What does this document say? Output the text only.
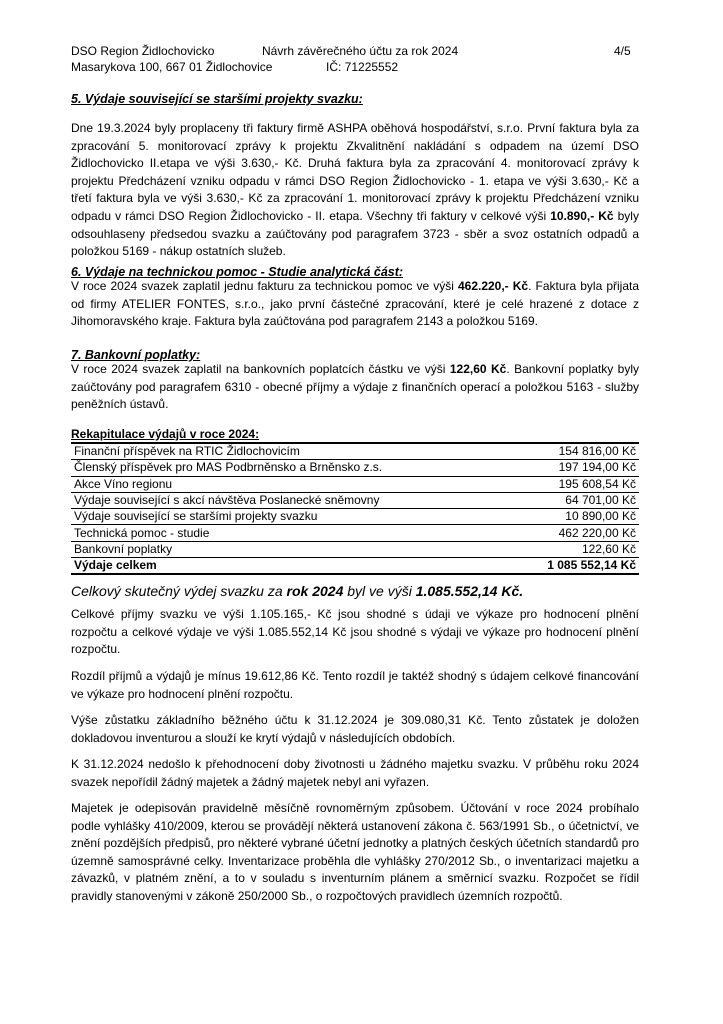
DSO Region Židlochovicko	Návrh závěrečného účtu za rok 2024	4/5
Masarykova 100, 667 01 Židlochovice	IČ: 71225552
5. Výdaje související se staršími projekty svazku:

Dne 19.3.2024 byly proplaceny tři faktury firmě ASHPA oběhová hospodářství, s.r.o. První faktura byla za zpracování 5. monitorovací zprávy k projektu Zkvalitnění nakládání s odpadem na území DSO Židlochovicko II.etapa ve výši 3.630,- Kč. Druhá faktura byla za zpracování 4. monitorovací zprávy k projektu Předcházení vzniku odpadu v rámci DSO Region Židlochovicko - 1. etapa ve výši 3.630,- Kč a třetí faktura byla ve výši 3.630,- Kč za zpracování 1. monitorovací zprávy k projektu Předcházení vzniku odpadu v rámci DSO Region Židlochovicko - II. etapa. Všechny tři faktury v celkové výši 10.890,- Kč byly odsouhlaseny předsedou svazku a zaúčtovány pod paragrafem 3723 - sběr a svoz ostatních odpadů a položkou 5169 - nákup ostatních služeb.

6. Výdaje na technickou pomoc - Studie analytická část:

V roce 2024 svazek zaplatil jednu fakturu za technickou pomoc ve výši 462.220,- Kč. Faktura byla přijata od firmy ATELIER FONTES, s.r.o., jako první částečné zpracování, které je celé hrazené z dotace z Jihomoravského kraje. Faktura byla zaúčtována pod paragrafem 2143 a položkou 5169.

7. Bankovní poplatky:

V roce 2024 svazek zaplatil na bankovních poplatcích částku ve výši 122,60 Kč. Bankovní poplatky byly zaúčtovány pod paragrafem 6310 - obecné příjmy a výdaje z finančních operací a položkou 5163 - služby peněžních ústavů.

Rekapitulace výdajů v roce 2024:
Finanční příspěvek na RTIC Židlochovicím	154 816,00 Kč
Členský příspěvek pro MAS Podbrněnsko a Brněnsko z.s.	197 194,00 Kč
Akce Víno regionu	195 608,54 Kč
Výdaje související s akcí návštěva Poslanecké sněmovny	64 701,00 Kč
Výdaje související se staršími projekty svazku	10 890,00 Kč
Technická pomoc - studie	462 220,00 Kč
Bankovní poplatky	122,60 Kč
Výdaje celkem	1 085 552,14 Kč
Celkový skutečný výdej svazku za rok 2024 byl ve výši 1.085.552,14 Kč.

Celkové příjmy svazku ve výši 1.105.165,- Kč jsou shodné s údaji ve výkaze pro hodnocení plnění rozpočtu a celkové výdaje ve výši 1.085.552,14 Kč jsou shodné s výdaji ve výkaze pro hodnocení plnění rozpočtu.

Rozdíl příjmů a výdajů je mínus 19.612,86 Kč. Tento rozdíl je taktéž shodný s údajem celkové financování ve výkaze pro hodnocení plnění rozpočtu.

Výše zůstatku základního běžného účtu k 31.12.2024 je 309.080,31 Kč. Tento zůstatek je doložen dokladovou inventurou a slouží ke krytí výdajů v následujících obdobích.

K 31.12.2024 nedošlo k přehodnocení doby životnosti u žádného majetku svazku. V průběhu roku 2024 svazek nepořídil žádný majetek a žádný majetek nebyl ani vyřazen.

Majetek je odepisován pravidelně měsíčně rovnoměrným způsobem. Účtování v roce 2024 probíhalo podle vyhlášky 410/2009, kterou se provádějí některá ustanovení zákona č. 563/1991 Sb., o účetnictví, ve znění pozdějších předpisů, pro některé vybrané účetní jednotky a platných českých účetních standardů pro územně samosprávné celky. Inventarizace proběhla dle vyhlášky 270/2012 Sb., o inventarizaci majetku a závazků, v platném znění, a to v souladu s inventurním plánem a směrnicí svazku. Rozpočet se řídil pravidly stanovenými v zákoně 250/2000 Sb., o rozpočtových pravidlech územních rozpočtů.
